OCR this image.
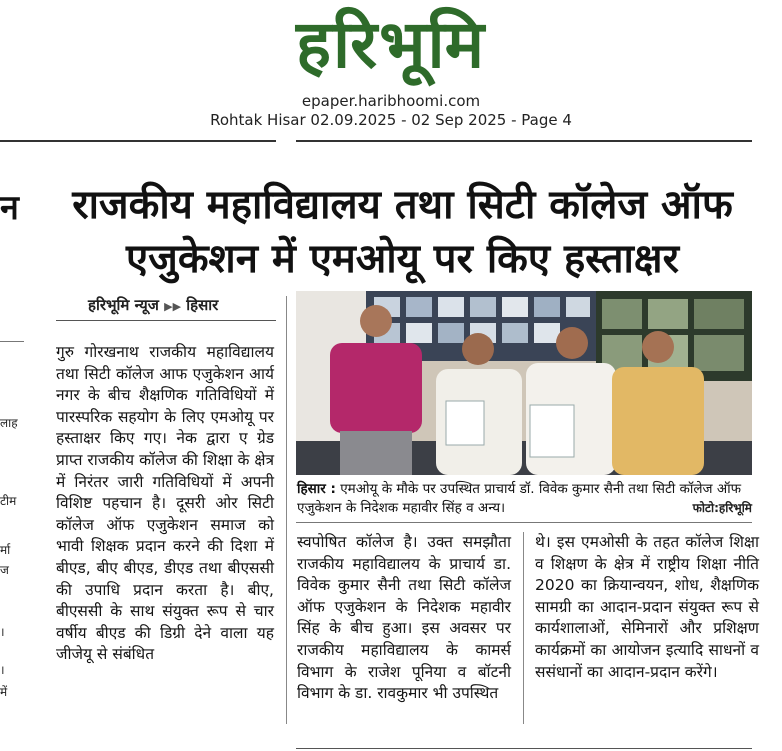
हरिभूमि
epaper.haribhoomi.com
Rohtak Hisar 02.09.2025 - 02 Sep 2025 - Page 4
न
लाह
टीम
र्मा
ज
।
।
में
राजकीय महाविद्यालय तथा सिटी कॉलेज ऑफ
एजुकेशन में एमओयू पर किए हस्ताक्षर
हरिभूमि न्यूज ▶▶ हिसार
गुरु गोरखनाथ राजकीय महाविद्यालय तथा सिटी कॉलेज आफ एजुकेशन आर्य नगर के बीच शैक्षणिक गतिविधियों में पारस्परिक सहयोग के लिए एमओयू पर हस्ताक्षर किए गए। नेक द्वारा ए ग्रेड प्राप्त राजकीय कॉलेज की शिक्षा के क्षेत्र में निरंतर जारी गतिविधियों में अपनी विशिष्ट पहचान है। दूसरी ओर सिटी कॉलेज ऑफ एजुकेशन समाज को भावी शिक्षक प्रदान करने की दिशा में बीएड, बीए बीएड, डीएड तथा बीएससी की उपाधि प्रदान करता है। बीए, बीएससी के साथ संयुक्त रूप से चार वर्षीय बीएड की डिग्री देने वाला यह जीजेयू से संबंधित
हिसार : एमओयू के मौके पर उपस्थित प्राचार्य डॉ. विवेक कुमार सैनी तथा सिटी कॉलेज ऑफ एजुकेशन के निदेशक महावीर सिंह व अन्य।	फोटो:हरिभूमि
स्वपोषित कॉलेज है। उक्त समझौता राजकीय महाविद्यालय के प्राचार्य डा. विवेक कुमार सैनी तथा सिटी कॉलेज ऑफ एजुकेशन के निदेशक महावीर सिंह के बीच हुआ। इस अवसर पर राजकीय महाविद्यालय के कामर्स विभाग के राजेश पूनिया व बॉटनी विभाग के डा. रावकुमार भी उपस्थित
थे। इस एमओसी के तहत कॉलेज शिक्षा व शिक्षण के क्षेत्र में राष्ट्रीय शिक्षा नीति 2020 का क्रियान्वयन, शोध, शैक्षणिक सामग्री का आदान-प्रदान संयुक्त रूप से कार्यशालाओं, सेमिनारों और प्रशिक्षण कार्यक्रमों का आयोजन इत्यादि साधनों व ससंधानों का आदान-प्रदान करेंगे।
